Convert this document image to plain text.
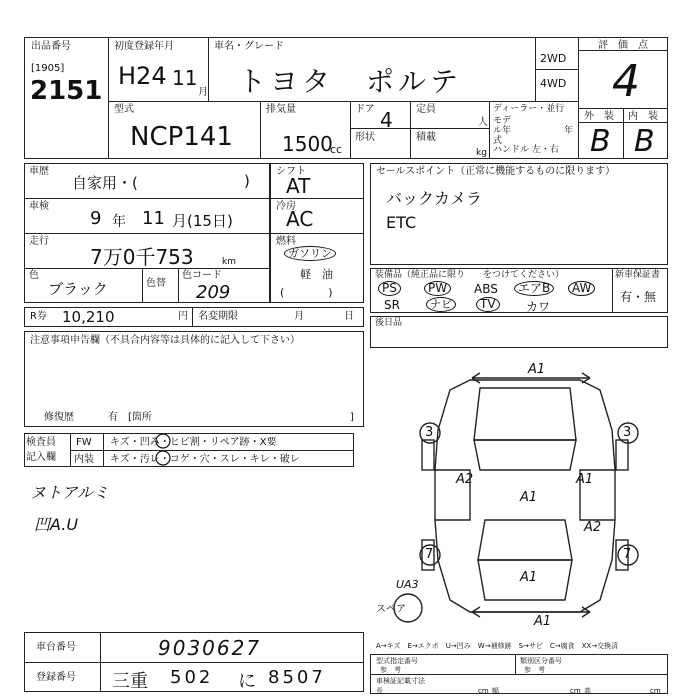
出品番号
[1905]
2151
初度登録年月
H24 11
月
車名・グレード
トヨタ　ポルテ
2WD
4WD
評　価　点
4
外　装 内　装
B B
型式
NCP141
排気量
1500
cc
ドア 4
形状
定員
人
積載
kg
ディーラー・並行
モデル年式
年
ハンドル 左・右
車歴
自家用・(	)
車検
9 年 11 月(15日)
走行
7万0千753	km
色
ブラック	色替
色コード
209
シフト
AT
冷房
AC
燃料
ガソリン
軽　油
(　　　　)
R券 10,210	円 名変期限	月	日
注意事項申告欄（不具合内容等は具体的に記入して下さい）
修復歴	有　[箇所	]
セールスポイント（正常に機能するものに限ります）
バックカメラ
ETC
装備品（純正品に限り　　をつけてください）	新車保証書
有・無
PS	PW	ABS	エアB	AW
SR	ナビ	TV	カワ
後日品
検査員
記入欄
FW キズ・凹み・ヒビ割・リペア跡・X要
内装 キズ・汚レ・コゲ・穴・スレ・キレ・破レ
ヌトアルミ
凹A.U
A1
A2
A1
A1
A2
A1
A1
3	3
7	7
UA3
スペア
車台番号	9030627
登録番号 三重 502 に 8507
A→キズ　E→エクボ　U→凹み　W→補修跡　S→サビ　C→腐食　XX→交換済
型式指定番号
参　考
類別区分番号
参　考
車検証記載寸法
長	cm 幅	cm 高	cm
